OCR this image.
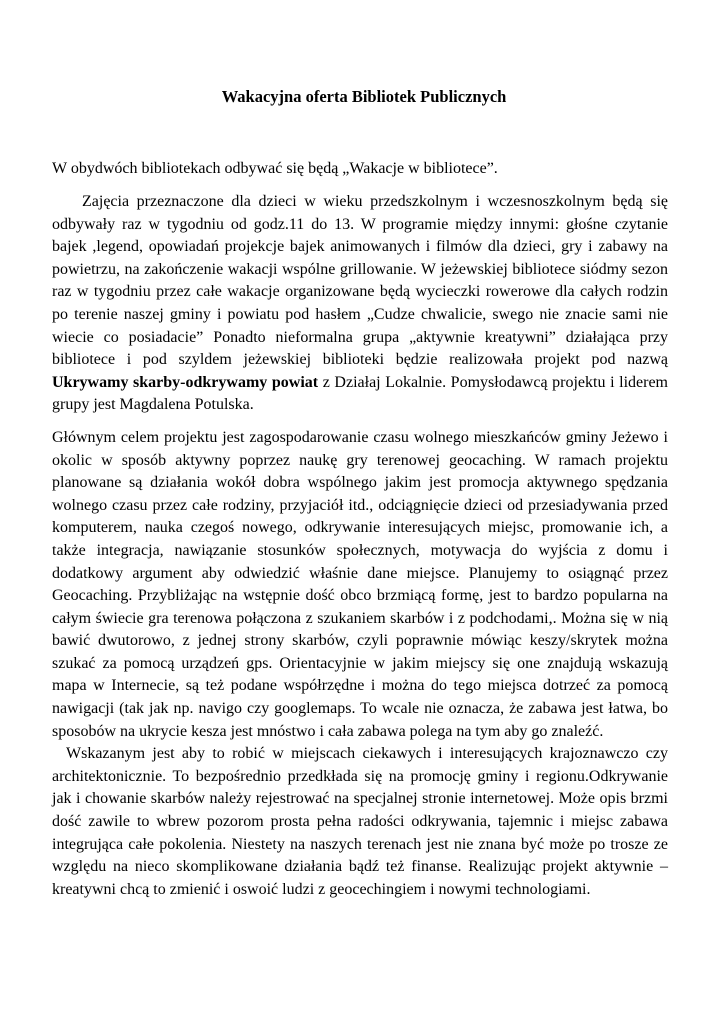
Wakacyjna oferta Bibliotek Publicznych

W obydwóch bibliotekach odbywać się będą „Wakacje w bibliotece”.

Zajęcia przeznaczone dla dzieci w wieku przedszkolnym i wczesnoszkolnym będą się odbywały raz w tygodniu od godz.11 do 13. W programie między innymi: głośne czytanie bajek ,legend, opowiadań projekcje bajek animowanych i filmów dla dzieci, gry i zabawy na powietrzu, na zakończenie wakacji wspólne grillowanie. W jeżewskiej bibliotece siódmy sezon raz w tygodniu przez całe wakacje organizowane będą wycieczki rowerowe dla całych rodzin po terenie naszej gminy i powiatu pod hasłem „Cudze chwalicie, swego nie znacie sami nie wiecie co posiadacie” Ponadto nieformalna grupa „aktywnie kreatywni” działająca przy bibliotece i pod szyldem jeżewskiej biblioteki będzie realizowała projekt pod nazwą Ukrywamy skarby-odkrywamy powiat z Działaj Lokalnie. Pomysłodawcą projektu i liderem grupy jest Magdalena Potulska.

Głównym celem projektu jest zagospodarowanie czasu wolnego mieszkańców gminy Jeżewo i okolic w sposób aktywny poprzez naukę gry terenowej geocaching. W ramach projektu planowane są działania wokół dobra wspólnego jakim jest promocja aktywnego spędzania wolnego czasu przez całe rodziny, przyjaciół itd., odciągnięcie dzieci od przesiadywania przed komputerem, nauka czegoś nowego, odkrywanie interesujących miejsc, promowanie ich, a także integracja, nawiązanie stosunków społecznych, motywacja do wyjścia z domu i dodatkowy argument aby odwiedzić właśnie dane miejsce. Planujemy to osiągnąć przez Geocaching. Przybliżając na wstępnie dość obco brzmiącą formę, jest to bardzo popularna na całym świecie gra terenowa połączona z szukaniem skarbów i z podchodami,. Można się w nią bawić dwutorowo, z jednej strony skarbów, czyli poprawnie mówiąc keszy/skrytek można szukać za pomocą urządzeń gps. Orientacyjnie w jakim miejscy się one znajdują wskazują mapa w Internecie, są też podane współrzędne i można do tego miejsca dotrzeć za pomocą nawigacji (tak jak np. navigo czy googlemaps. To wcale nie oznacza, że zabawa jest łatwa, bo sposobów na ukrycie kesza jest mnóstwo i cała zabawa polega na tym aby go znaleźć.

Wskazanym jest aby to robić w miejscach ciekawych i interesujących krajoznawczo czy architektonicznie. To bezpośrednio przedkłada się na promocję gminy i regionu.Odkrywanie jak i chowanie skarbów należy rejestrować na specjalnej stronie internetowej. Może opis brzmi dość zawile to wbrew pozorom prosta pełna radości odkrywania, tajemnic i miejsc zabawa integrująca całe pokolenia. Niestety na naszych terenach jest nie znana być może po trosze ze względu na nieco skomplikowane działania bądź też finanse. Realizując projekt aktywnie –kreatywni chcą to zmienić i oswoić ludzi z geocechingiem i nowymi technologiami.
